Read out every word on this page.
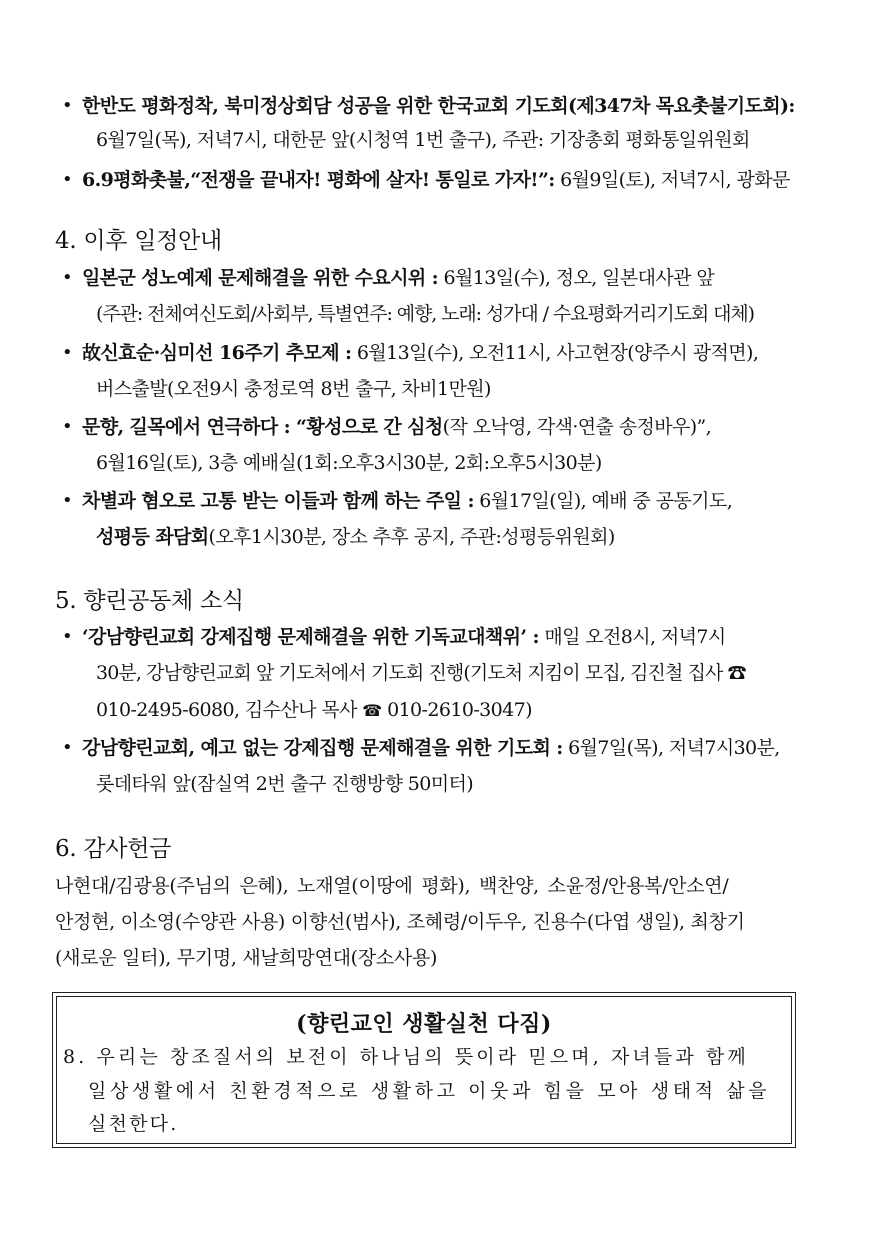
• 한반도 평화정착, 북미정상회담 성공을 위한 한국교회 기도회(제347차 목요촛불기도회):
6월7일(목), 저녁7시, 대한문 앞(시청역 1번 출구), 주관: 기장총회 평화통일위원회
• 6.9평화촛불,“전쟁을 끝내자! 평화에 살자! 통일로 가자!”: 6월9일(토), 저녁7시, 광화문
4. 이후 일정안내
• 일본군 성노예제 문제해결을 위한 수요시위 : 6월13일(수), 정오, 일본대사관 앞
(주관: 전체여신도회/사회부, 특별연주: 예향, 노래: 성가대 / 수요평화거리기도회 대체)
• 故신효순·심미선 16주기 추모제 : 6월13일(수), 오전11시, 사고현장(양주시 광적면),
버스출발(오전9시 충정로역 8번 출구, 차비1만원)
• 문향, 길목에서 연극하다 : “황성으로 간 심청(작 오낙영, 각색·연출 송정바우)”,
6월16일(토), 3층 예배실(1회:오후3시30분, 2회:오후5시30분)
• 차별과 혐오로 고통 받는 이들과 함께 하는 주일 : 6월17일(일), 예배 중 공동기도,
성평등 좌담회(오후1시30분, 장소 추후 공지, 주관:성평등위원회)
5. 향린공동체 소식
• ‘강남향린교회 강제집행 문제해결을 위한 기독교대책위’ : 매일 오전8시, 저녁7시
30분, 강남향린교회 앞 기도처에서 기도회 진행(기도처 지킴이 모집, 김진철 집사 ☎
010-2495-6080, 김수산나 목사 ☎ 010-2610-3047)
• 강남향린교회, 예고 없는 강제집행 문제해결을 위한 기도회 : 6월7일(목), 저녁7시30분,
롯데타워 앞(잠실역 2번 출구 진행방향 50미터)
6. 감사헌금
나현대/김광용(주님의 은혜), 노재열(이땅에 평화), 백찬양, 소윤정/안용복/안소연/
안정현, 이소영(수양관 사용) 이향선(범사), 조혜령/이두우, 진용수(다엽 생일), 최창기
(새로운 일터), 무기명, 새날희망연대(장소사용)
(향린교인 생활실천 다짐)
8. 우리는 창조질서의 보전이 하나님의 뜻이라 믿으며, 자녀들과 함께
일상생활에서 친환경적으로 생활하고 이웃과 힘을 모아 생태적 삶을
실천한다.
